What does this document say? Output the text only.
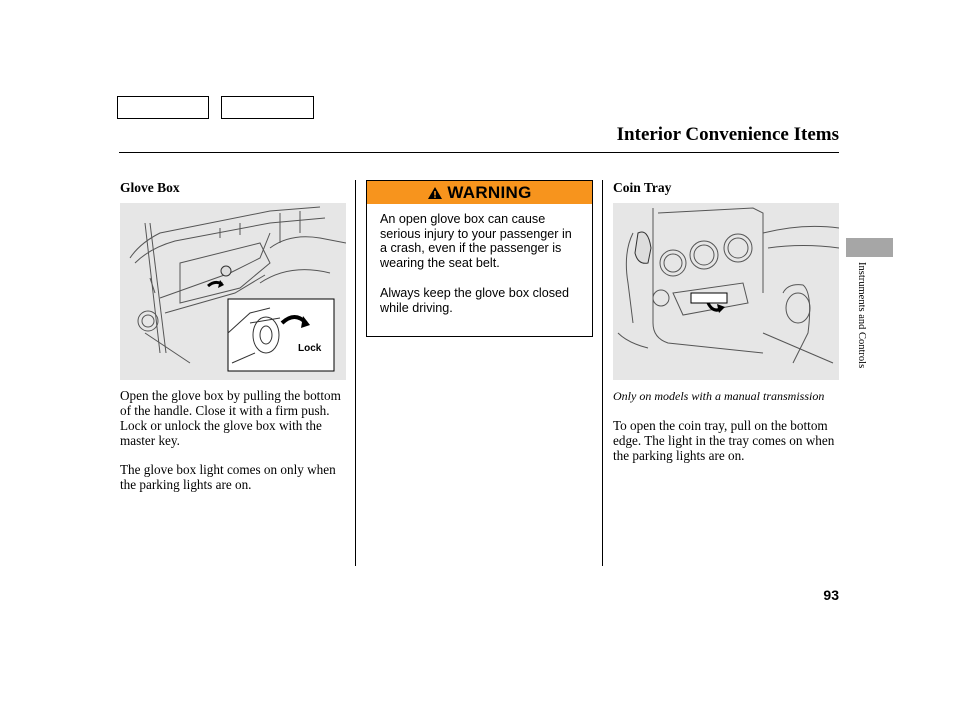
Interior Convenience Items
Glove Box
Lock
Open the glove box by pulling the bottom of the handle. Close it with a firm push. Lock or unlock the glove box with the master key.
The glove box light comes on only when the parking lights are on.
WARNING
An open glove box can cause serious injury to your passenger in a crash, even if the passenger is wearing the seat belt.
Always keep the glove box closed while driving.
Coin Tray
Only on models with a manual transmission
To open the coin tray, pull on the bottom edge. The light in the tray comes on when the parking lights are on.
Instruments and Controls
93
